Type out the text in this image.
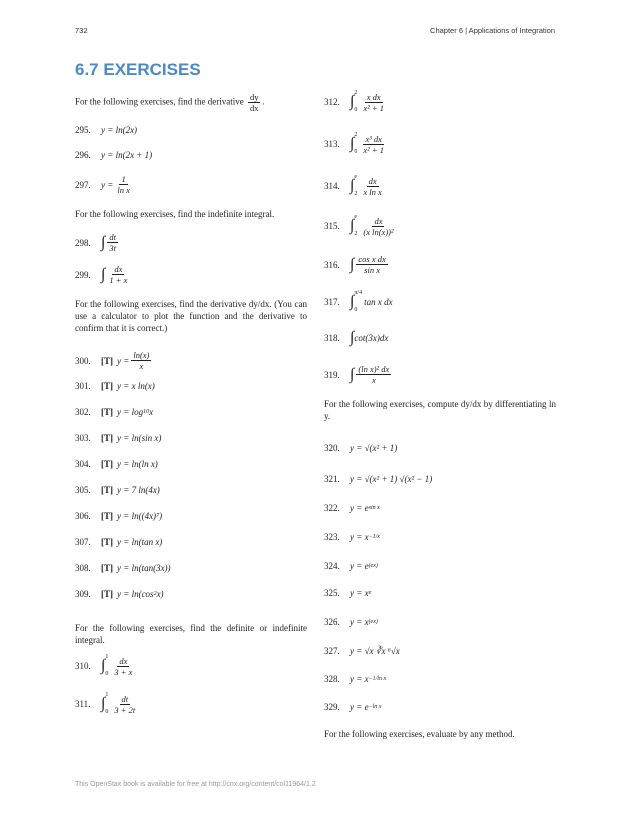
732	Chapter 6 | Applications of Integration
6.7 EXERCISES
For the following exercises, find the derivative $\frac{dy}{dx}$ .
295.	y = ln(2x)
296.	y = ln(2x + 1)
297.	$y = \frac{1}{\text{ln x}}$
For the following exercises, find the indefinite integral.
298. ∫ $\frac{dt}{3t}$
299. ∫ $\frac{dx}{1 + x}$
For the following exercises, find the derivative dy/dx. (You can use a calculator to plot the function and the derivative to confirm that it is correct.)
300.	[T] $y = \frac{\ln(x)}{x}$
301.	[T] y = x ln(x)
302.	[T] y = log 10 x
303.	[T] y = ln(sin x)
304.	[T] y = ln(ln x)
305.	[T] y = 7 ln(4x)
306.	[T] y = ln((4x) 7 )
307.	[T] y = ln(tan x)
308.	[T] y = ln(tan(3x))
309.	[T] y = ln(cos 2 x)
For the following exercises, find the definite or indefinite integral.
310. ∫ 1
$0 \frac{dx}{3 + x}$
311. ∫ 1
$0 \frac{dt}{3 + 2t}$
312. ∫ 2
$0 \frac{\text{x dx}}{\text{x² + 1}}$
313. ∫ 2
$0 \frac{\text{x³ dx}}{\text{x² + 1}}$
314. ∫ e
$2 \frac{dx}{\text{x ln x}}$
315. ∫ e
$2 \frac{dx}{\text{(x ln(x))²}}$
316. ∫ $\frac{\text{cos x dx}}{\text{sin x}}$
317. ∫ π/4
0
tan x dx
318. ∫ cot(3x)dx
319. ∫ $\frac{\text{(ln x)² dx}}{x}$
For the following exercises, compute dy/dx by differentiating ln y.
320.	y = √(x² + 1)
321.	y = √(x² + 1) √(x² − 1)
322.	y = e sin x
323.	y = x −1/x
324.	y = e (ex)
325.	y = x e
326.	y = x (ex)
327.	y = √x ∛x ⁶√x
328.	y = x −1/ln x
329.	y = e −ln x
For the following exercises, evaluate by any method.
This OpenStax book is available for free at http://cnx.org/content/col11964/1.2
